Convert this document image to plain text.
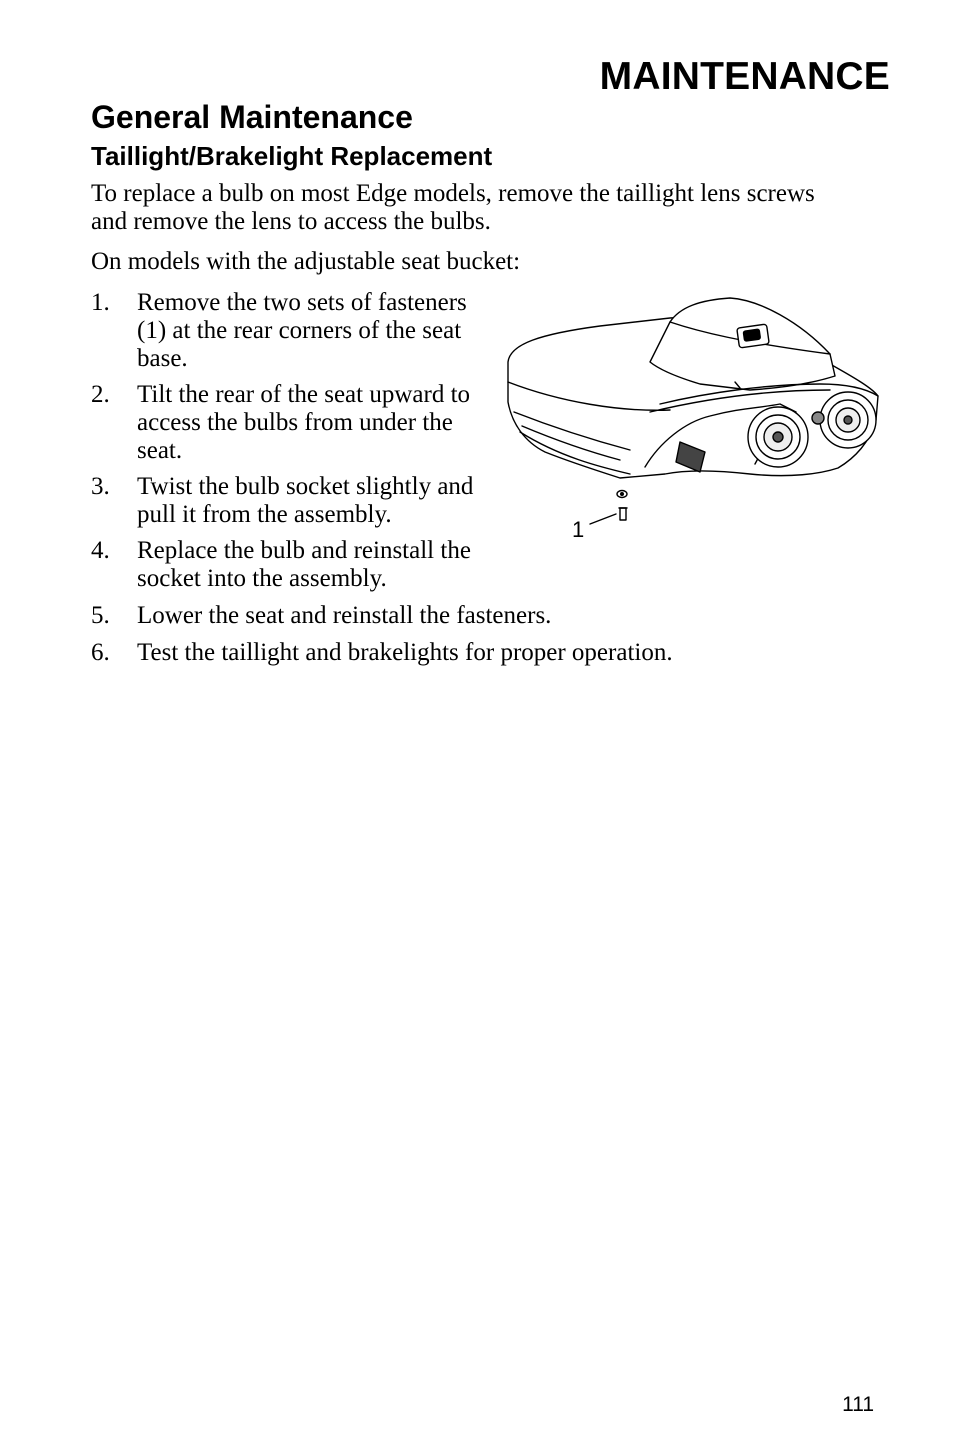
MAINTENANCE
General Maintenance
Taillight/Brakelight Replacement

To replace a bulb on most Edge models, remove the taillight lens screws and remove the lens to access the bulbs.

On models with the adjustable seat bucket:

1. Remove the two sets of fasteners (1) at the rear corners of the seat base.
2. Tilt the rear of the seat upward to access the bulbs from under the seat.
3. Twist the bulb socket slightly and pull it from the assembly.
4. Replace the bulb and reinstall the socket into the assembly.
5. Lower the seat and reinstall the fasteners.
6. Test the taillight and brakelights for proper operation.
1
111
